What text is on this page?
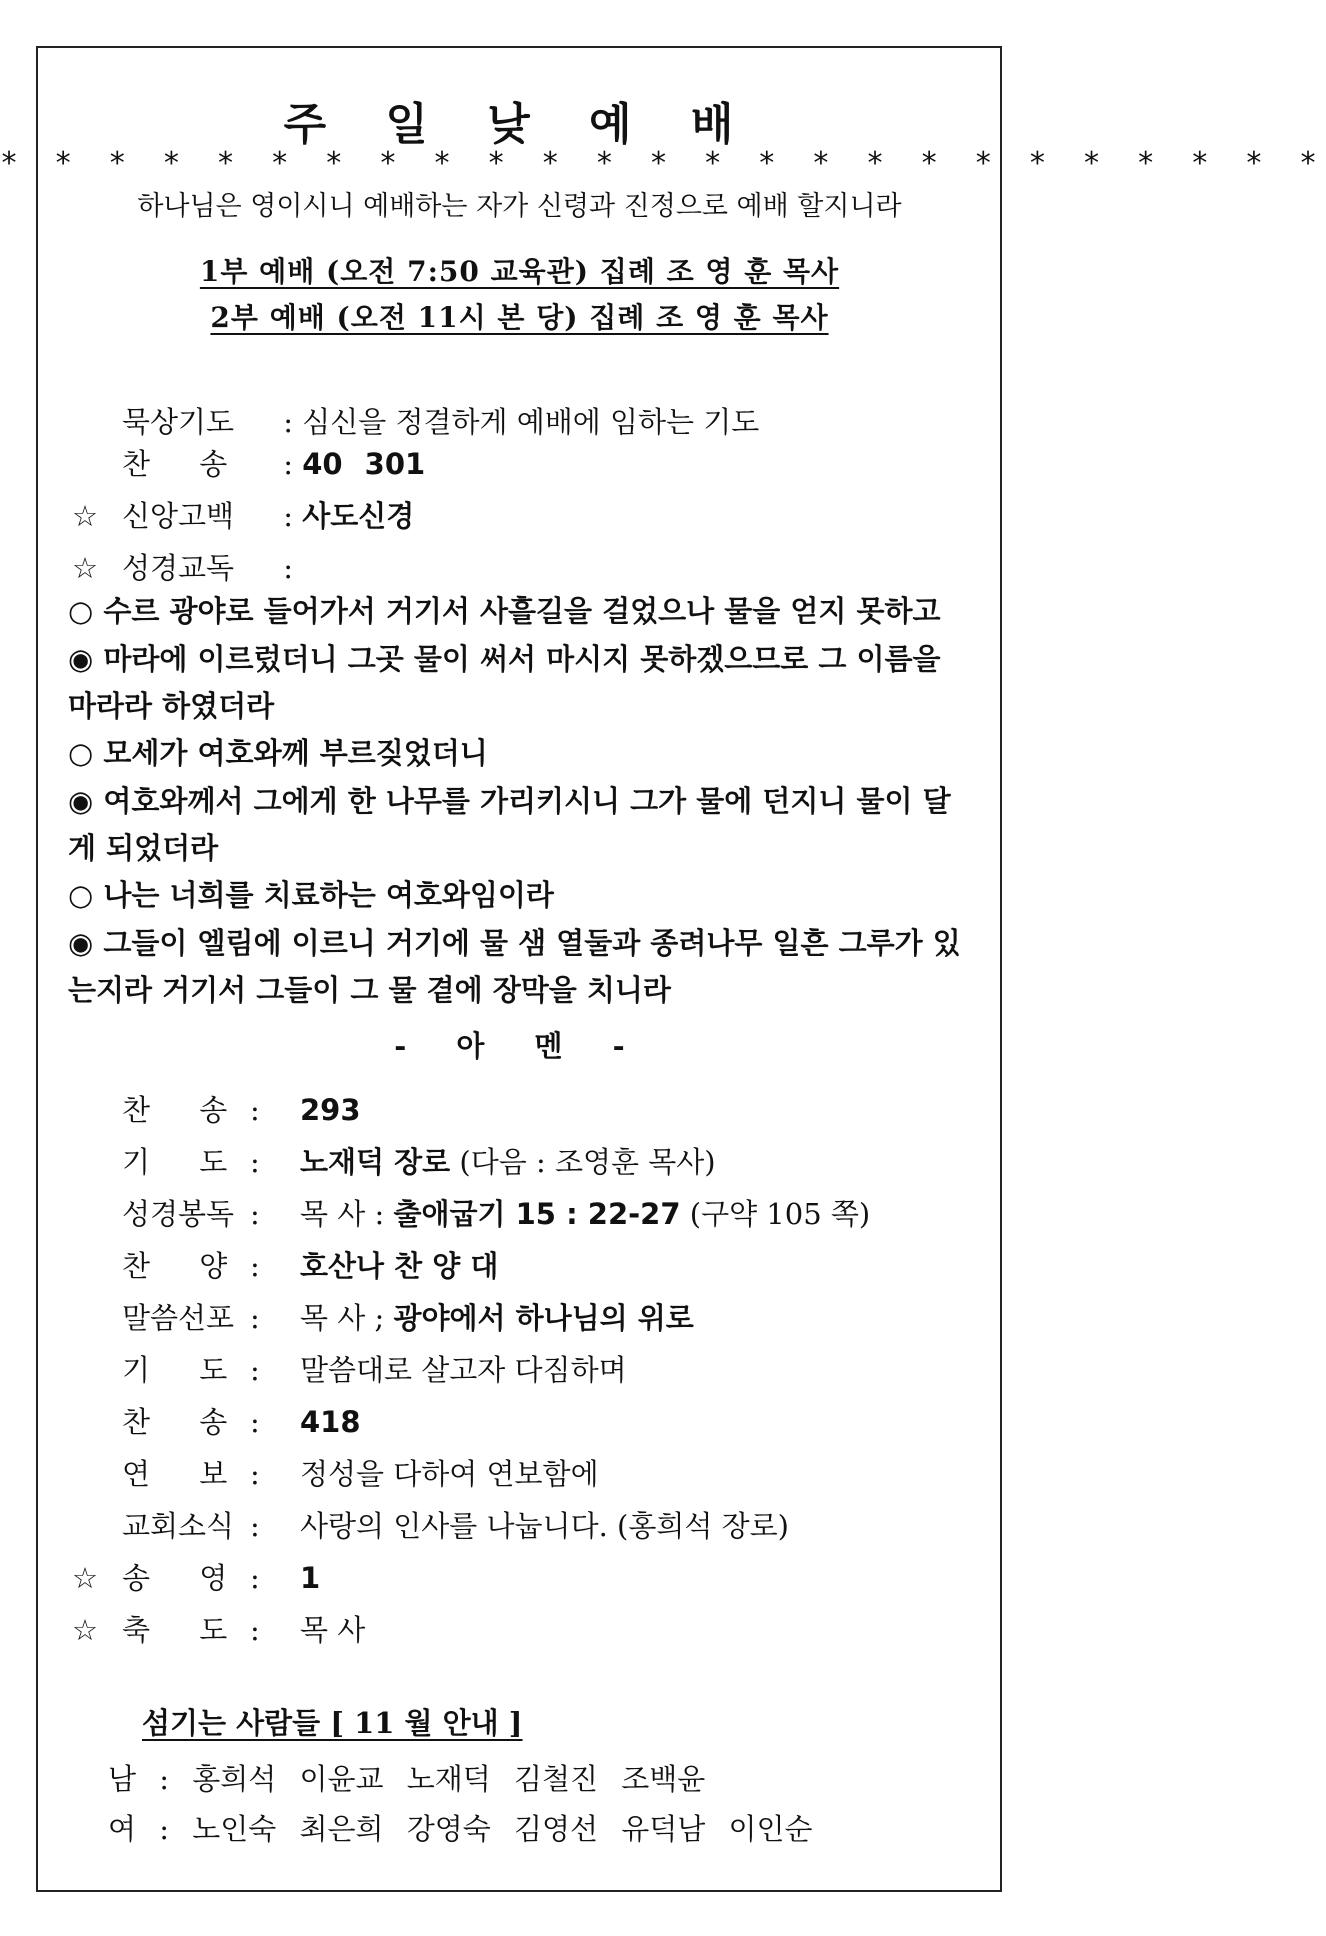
주 일 낮 예 배
* * * * * * * * * * * * * * * * * * * * * * * * *
하나님은 영이시니 예배하는 자가 신령과 진정으로 예배 할지니라
1부 예배 (오전 7:50 교육관) 집례 조 영 훈 목사
2부 예배 (오전 11시 본 당) 집례 조 영 훈 목사
묵상기도 : 심신을 정결하게 예배에 임하는 기도
찬 송 : 40 301
☆ 신앙고백 : 사도신경
☆ 성경교독 :
○ 수르 광야로 들어가서 거기서 사흘길을 걸었으나 물을 얻지 못하고
◉ 마라에 이르렀더니 그곳 물이 써서 마시지 못하겠으므로 그 이름을 마라라 하였더라
○ 모세가 여호와께 부르짖었더니
◉ 여호와께서 그에게 한 나무를 가리키시니 그가 물에 던지니 물이 달게 되었더라
○ 나는 너희를 치료하는 여호와임이라
◉ 그들이 엘림에 이르니 거기에 물 샘 열둘과 종려나무 일흔 그루가 있는지라 거기서 그들이 그 물 곁에 장막을 치니라
- 아 멘 -
찬 송 : 293
기 도 : 노재덕 장로 (다음 : 조영훈 목사)
성경봉독 : 목 사 : 출애굽기 15 : 22-27 (구약 105 쪽)
찬 양 : 호산나 찬 양 대
말씀선포 : 목 사 ; 광야에서 하나님의 위로
기 도 : 말씀대로 살고자 다짐하며
찬 송 : 418
연 보 : 정성을 다하여 연보함에
교회소식 : 사랑의 인사를 나눕니다. (홍희석 장로)
☆ 송 영 : 1
☆ 축 도 : 목 사
섬기는 사람들 [ 11 월 안내 ]
남 : 홍희석 이윤교 노재덕 김철진 조백윤
여 : 노인숙 최은희 강영숙 김영선 유덕남 이인순
